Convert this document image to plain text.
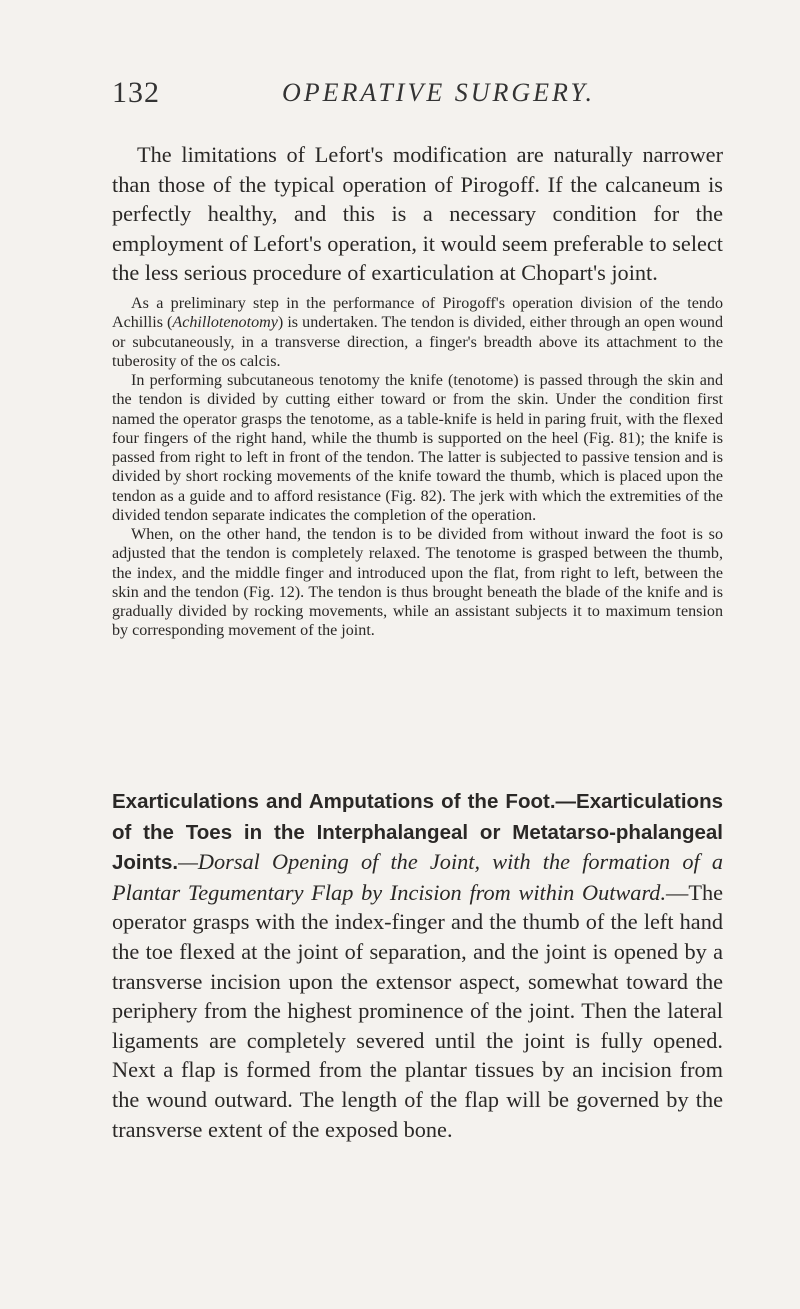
132	OPERATIVE SURGERY.

The limitations of Lefort's modification are naturally narrower than those of the typical operation of Pirogoff. If the calcaneum is perfectly healthy, and this is a necessary condition for the employment of Lefort's operation, it would seem preferable to select the less serious procedure of exarticulation at Chopart's joint.

As a preliminary step in the performance of Pirogoff's operation division of the tendo Achillis (Achillotenotomy) is undertaken. The tendon is divided, either through an open wound or subcutaneously, in a transverse direction, a finger's breadth above its attachment to the tuberosity of the os calcis.

In performing subcutaneous tenotomy the knife (tenotome) is passed through the skin and the tendon is divided by cutting either toward or from the skin. Under the condition first named the operator grasps the tenotome, as a table-knife is held in paring fruit, with the flexed four fingers of the right hand, while the thumb is supported on the heel (Fig. 81); the knife is passed from right to left in front of the tendon. The latter is subjected to passive tension and is divided by short rocking movements of the knife toward the thumb, which is placed upon the tendon as a guide and to afford resistance (Fig. 82). The jerk with which the extremities of the divided tendon separate indicates the completion of the operation.

When, on the other hand, the tendon is to be divided from without inward the foot is so adjusted that the tendon is completely relaxed. The tenotome is grasped between the thumb, the index, and the middle finger and introduced upon the flat, from right to left, between the skin and the tendon (Fig. 12). The tendon is thus brought beneath the blade of the knife and is gradually divided by rocking movements, while an assistant subjects it to maximum tension by corresponding movement of the joint.

Exarticulations and Amputations of the Foot.—Exarticulations of the Toes in the Interphalangeal or Metatarso-phalangeal Joints.—Dorsal Opening of the Joint, with the formation of a Plantar Tegumentary Flap by Incision from within Outward.—The operator grasps with the index-finger and the thumb of the left hand the toe flexed at the joint of separation, and the joint is opened by a transverse incision upon the extensor aspect, somewhat toward the periphery from the highest prominence of the joint. Then the lateral ligaments are completely severed until the joint is fully opened. Next a flap is formed from the plantar tissues by an incision from the wound outward. The length of the flap will be governed by the transverse extent of the exposed bone.
